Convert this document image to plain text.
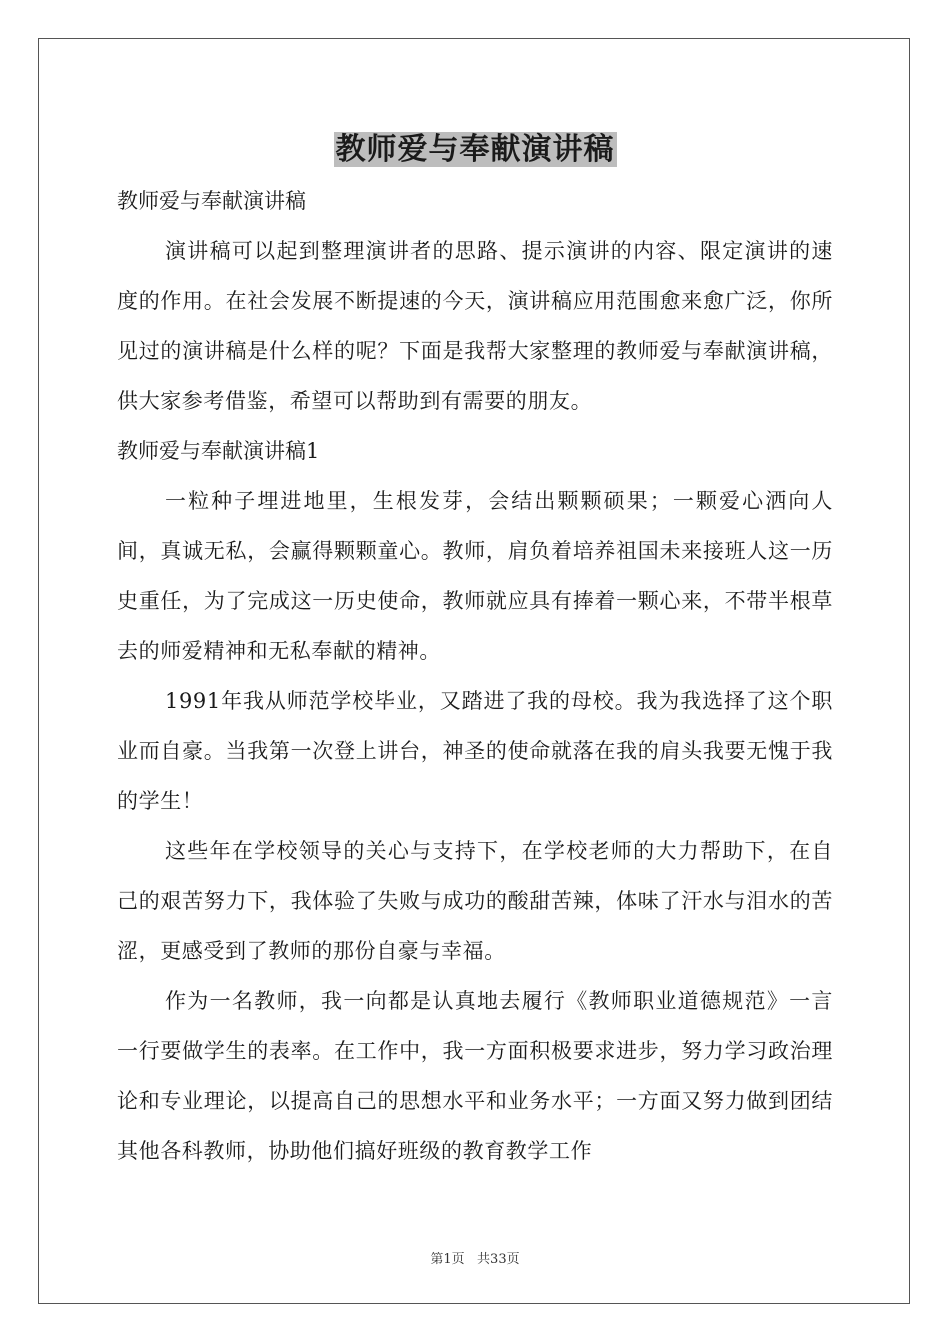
教师爱与奉献演讲稿

教师爱与奉献演讲稿

演讲稿可以起到整理演讲者的思路、提示演讲的内容、限定演讲的速度的作用。在社会发展不断提速的今天，演讲稿应用范围愈来愈广泛，你所见过的演讲稿是什么样的呢？下面是我帮大家整理的教师爱与奉献演讲稿，供大家参考借鉴，希望可以帮助到有需要的朋友。

教师爱与奉献演讲稿1

一粒种子埋进地里，生根发芽，会结出颗颗硕果；一颗爱心洒向人间，真诚无私，会赢得颗颗童心。教师，肩负着培养祖国未来接班人这一历史重任，为了完成这一历史使命，教师就应具有捧着一颗心来，不带半根草去的师爱精神和无私奉献的精神。

1991年我从师范学校毕业，又踏进了我的母校。我为我选择了这个职业而自豪。当我第一次登上讲台，神圣的使命就落在我的肩头我要无愧于我的学生！

这些年在学校领导的关心与支持下，在学校老师的大力帮助下，在自己的艰苦努力下，我体验了失败与成功的酸甜苦辣，体味了汗水与泪水的苦涩，更感受到了教师的那份自豪与幸福。

作为一名教师，我一向都是认真地去履行《教师职业道德规范》一言一行要做学生的表率。在工作中，我一方面积极要求进步，努力学习政治理论和专业理论，以提高自己的思想水平和业务水平；一方面又努力做到团结其他各科教师，协助他们搞好班级的教育教学工作

第1页   共33页
